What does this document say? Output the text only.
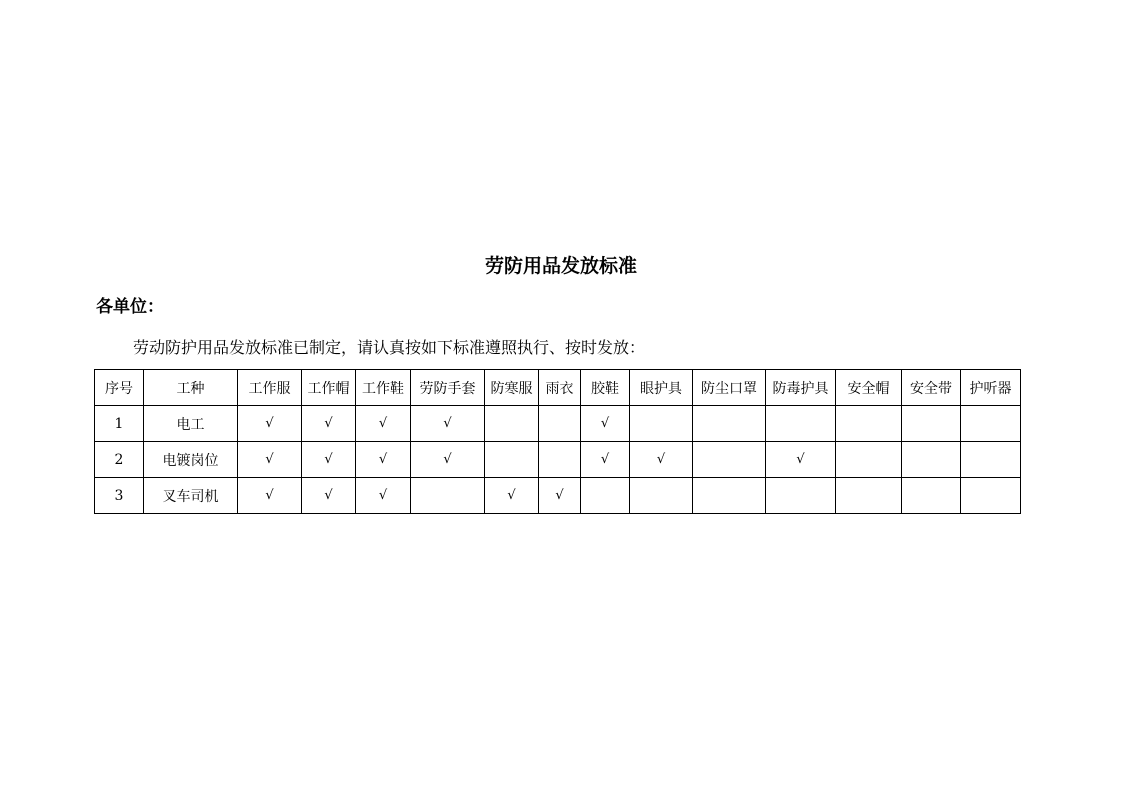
劳防用品发放标准
各单位：
劳动防护用品发放标准已制定，请认真按如下标准遵照执行、按时发放：
序号	工种	工作服	工作帽	工作鞋	劳防手套	防寒服	雨衣	胶鞋	眼护具	防尘口罩	防毒护具	安全帽	安全带	护听器
1	电工	√	√	√	√			√						
2	电镀岗位	√	√	√	√			√	√		√			
3	叉车司机	√	√	√		√	√							
